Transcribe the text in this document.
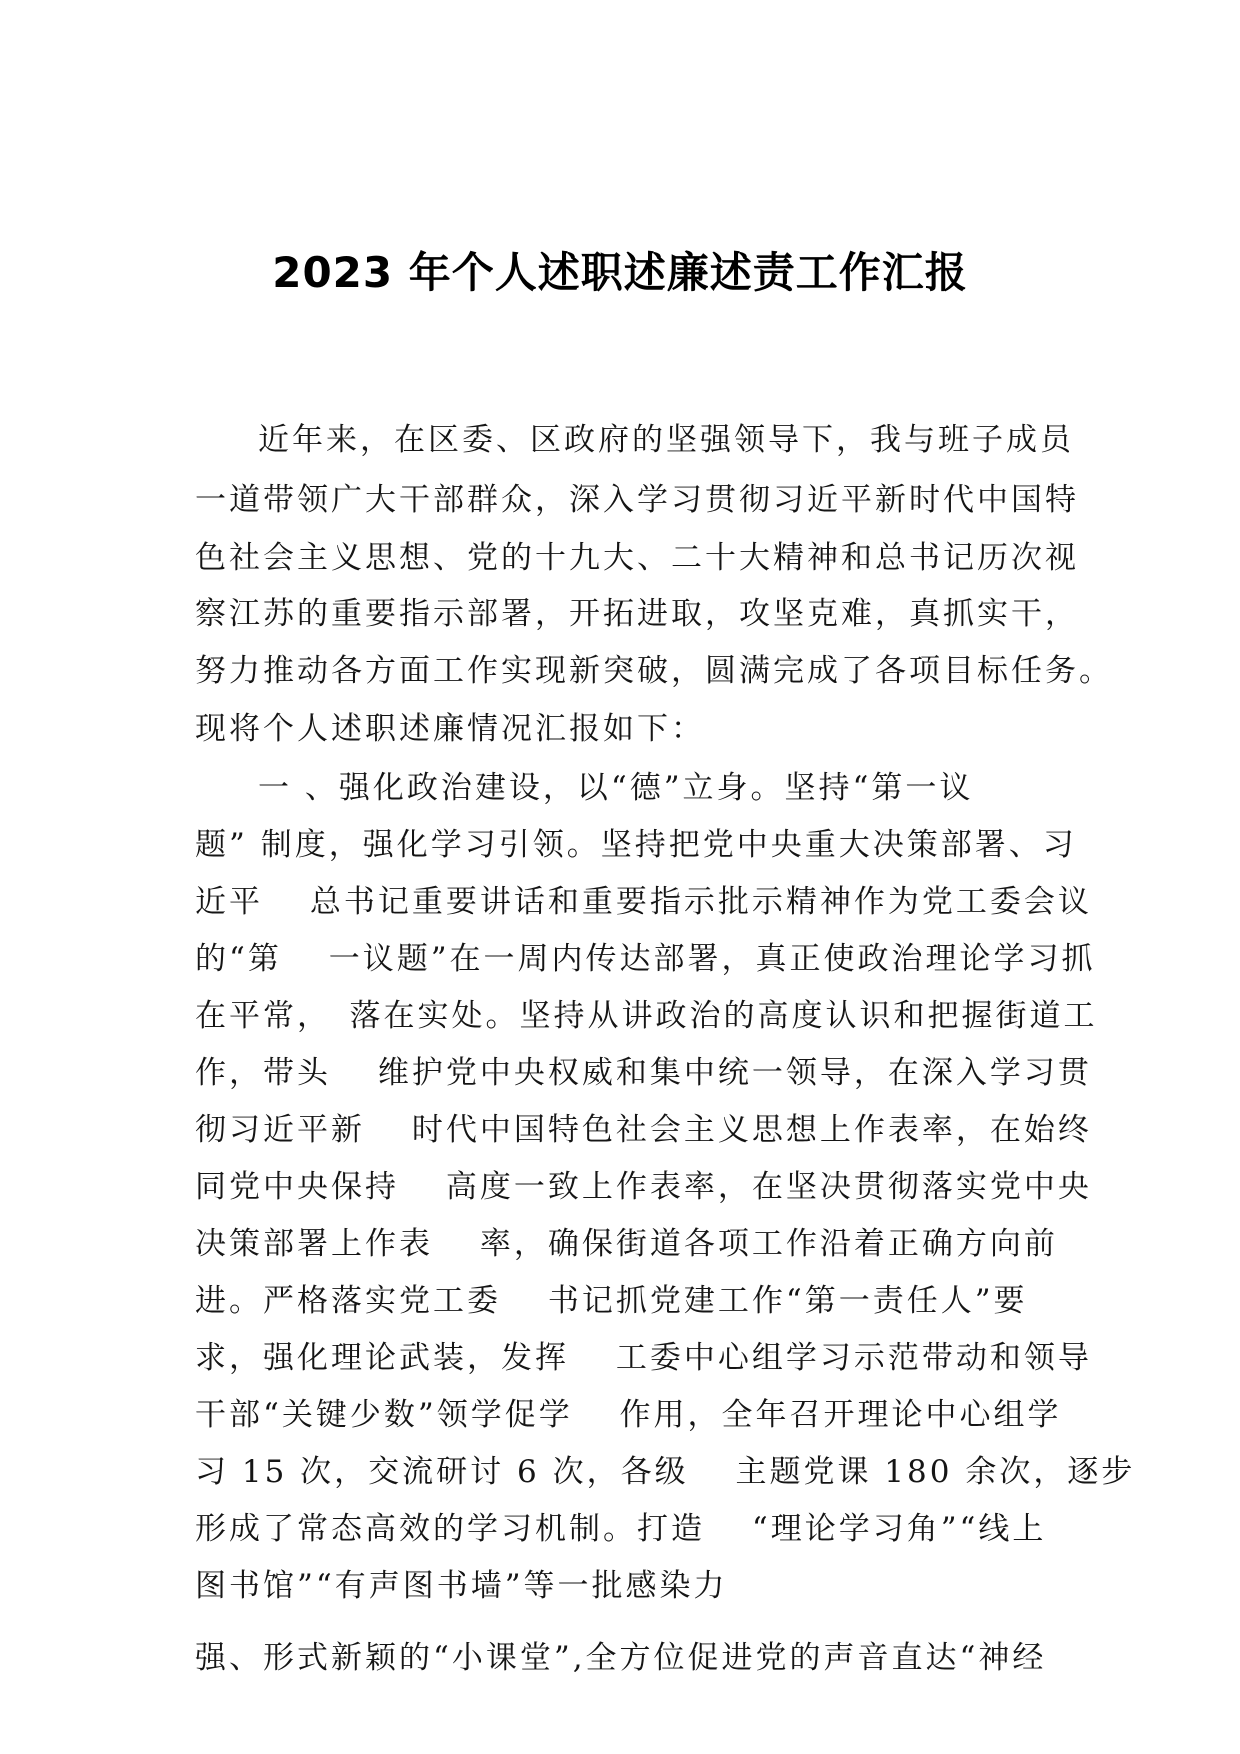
2023 年个人述职述廉述责工作汇报
近年来，在区委、区政府的坚强领导下，我与班子成员
一道带领广大干部群众，深入学习贯彻习近平新时代中国特
色社会主义思想、党的十九大、二十大精神和总书记历次视
察江苏的重要指示部署，开拓进取，攻坚克难，真抓实干，
努力推动各方面工作实现新突破，圆满完成了各项目标任务。
现将个人述职述廉情况汇报如下：
一 、强化政治建设，以“德”立身。坚持“第一议
题” 制度，强化学习引领。坚持把党中央重大决策部署、习
近平　 总书记重要讲话和重要指示批示精神作为党工委会议
的“第　 一议题”在一周内传达部署，真正使政治理论学习抓
在平常，　落在实处。坚持从讲政治的高度认识和把握街道工
作，带头　 维护党中央权威和集中统一领导，在深入学习贯
彻习近平新　 时代中国特色社会主义思想上作表率，在始终
同党中央保持　 高度一致上作表率，在坚决贯彻落实党中央
决策部署上作表　 率，确保街道各项工作沿着正确方向前
进。严格落实党工委　 书记抓党建工作“第一责任人”要
求，强化理论武装，发挥　 工委中心组学习示范带动和领导
干部“关键少数”领学促学　 作用，全年召开理论中心组学
习 15 次，交流研讨 6 次，各级　 主题党课 180 余次，逐步
形成了常态高效的学习机制。打造　 “理论学习角”“线上
图书馆”“有声图书墙”等一批感染力
强、形式新颖的“小课堂”,全方位促进党的声音直达“神经
